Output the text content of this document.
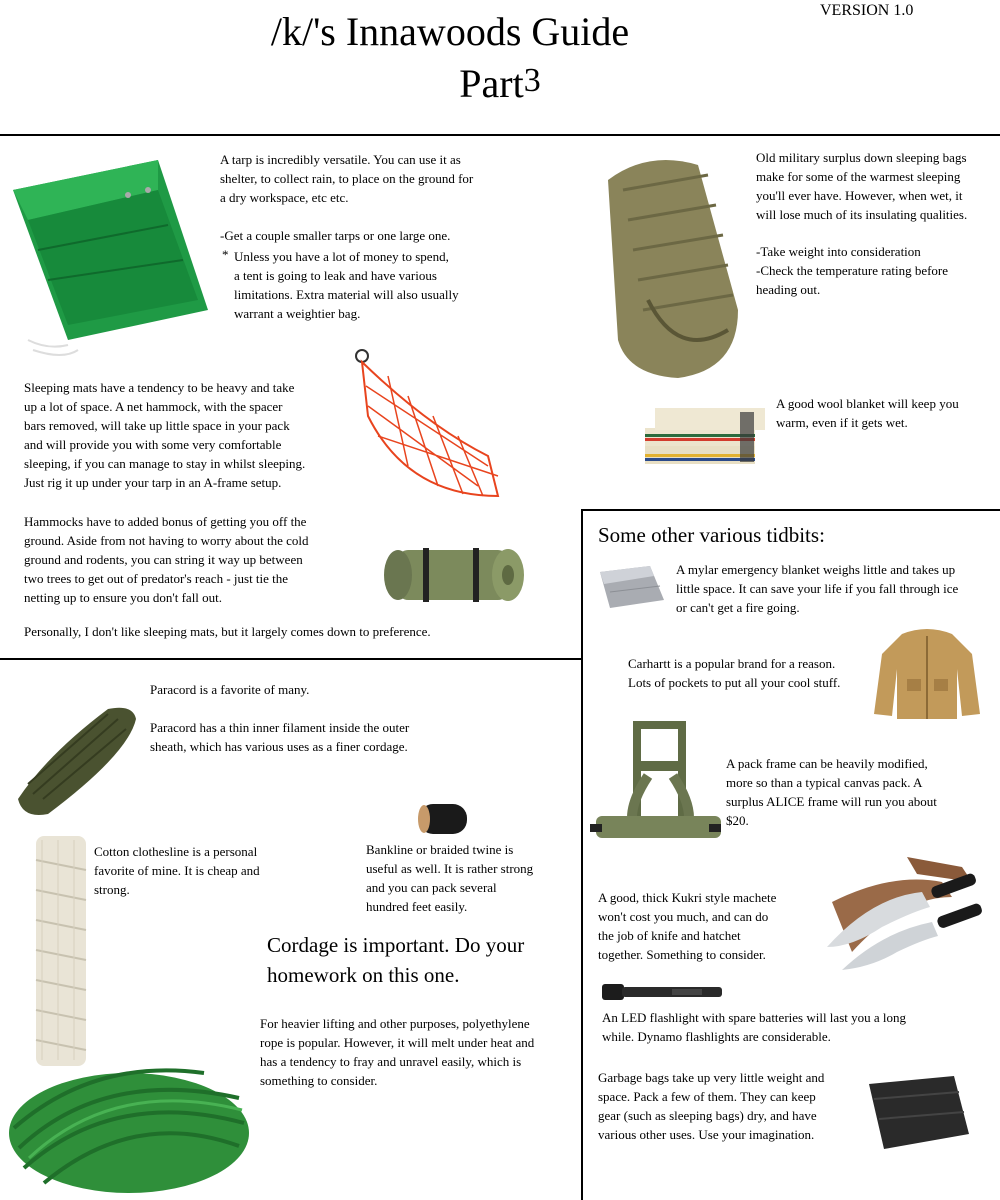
/k/'s Innawoods Guide
Part3
VERSION 1.0
A tarp is incredibly versatile. You can use it as
shelter, to collect rain, to place on the ground for
a dry workspace, etc etc.
-Get a couple smaller tarps or one large one.
* Unless you have a lot of money to spend,
a tent is going to leak and have various
limitations. Extra material will also usually
warrant a weightier bag.
Old military surplus down sleeping bags
make for some of the warmest sleeping
you'll ever have. However, when wet, it
will lose much of its insulating qualities.
-Take weight into consideration
-Check the temperature rating before
heading out.
Sleeping mats have a tendency to be heavy and take
up a lot of space. A net hammock, with the spacer
bars removed, will take up little space in your pack
and will provide you with some very comfortable
sleeping, if you can manage to stay in whilst sleeping.
Just rig it up under your tarp in an A-frame setup.
Hammocks have to added bonus of getting you off the
ground. Aside from not having to worry about the cold
ground and rodents, you can string it way up between
two trees to get out of predator's reach - just tie the
netting up to ensure you don't fall out.
Personally, I don't like sleeping mats, but it largely comes down to preference.
A good wool blanket will keep you
warm, even if it gets wet.
Some other various tidbits:
A mylar emergency blanket weighs little and takes up
little space. It can save your life if you fall through ice
or can't get a fire going.
Carhartt is a popular brand for a reason.
Lots of pockets to put all your cool stuff.
A pack frame can be heavily modified,
more so than a typical canvas pack. A
surplus ALICE frame will run you about
$20.
A good, thick Kukri style machete
won't cost you much, and can do
the job of knife and hatchet
together. Something to consider.
An LED flashlight with spare batteries will last you a long
while. Dynamo flashlights are considerable.
Garbage bags take up very little weight and
space. Pack a few of them. They can keep
gear (such as sleeping bags) dry, and have
various other uses. Use your imagination.
Paracord is a favorite of many.
Paracord has a thin inner filament inside the outer
sheath, which has various uses as a finer cordage.
Bankline or braided twine is
useful as well. It is rather strong
and you can pack several
hundred feet easily.
Cotton clothesline is a personal
favorite of mine. It is cheap and
strong.
Cordage is important. Do your
homework on this one.
For heavier lifting and other purposes, polyethylene
rope is popular. However, it will melt under heat and
has a tendency to fray and unravel easily, which is
something to consider.
